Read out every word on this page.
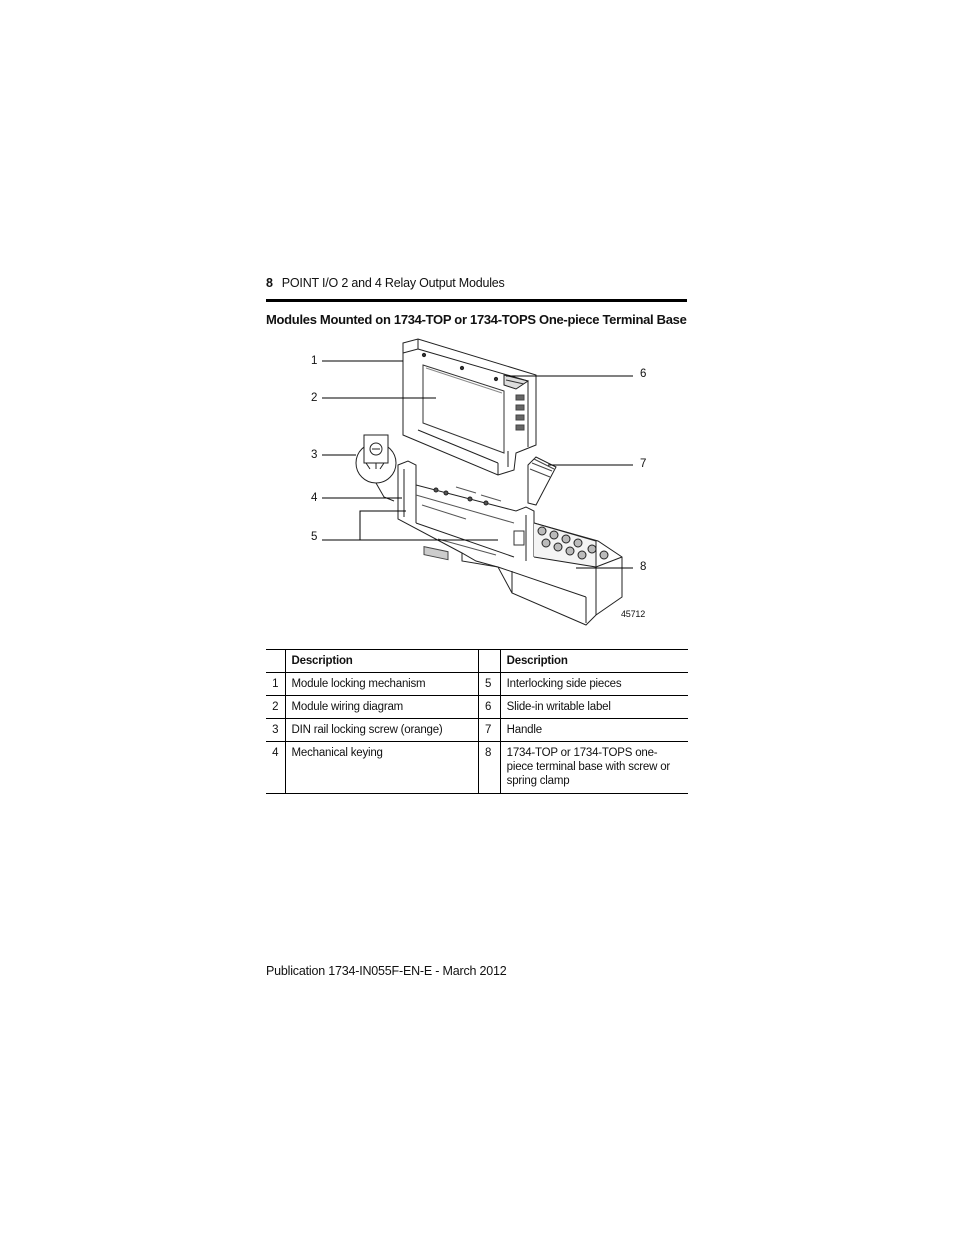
8 POINT I/O 2 and 4 Relay Output Modules
Modules Mounted on 1734-TOP or 1734-TOPS One-piece Terminal Base
1
2
3
4
5
6
7
8
45712
	Description		Description
1	Module locking mechanism	5	Interlocking side pieces
2	Module wiring diagram	6	Slide-in writable label
3	DIN rail locking screw (orange)	7	Handle
4	Mechanical keying	8	1734-TOP or 1734-TOPS one-piece terminal base with screw or spring clamp
Publication 1734-IN055F-EN-E - March 2012
